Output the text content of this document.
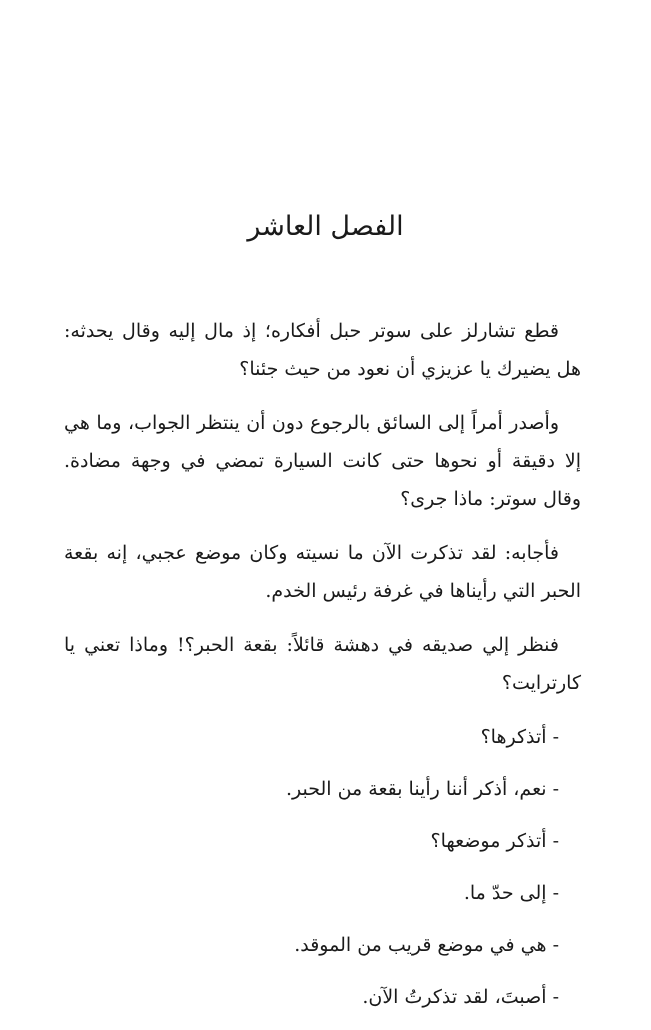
الفصل العاشر

قطع تشارلز على سوتر حبل أفكاره؛ إذ مال إليه وقال يحدثه: هل يضيرك يا عزيزي أن نعود من حيث جئنا؟

وأصدر أمراً إلى السائق بالرجوع دون أن ينتظر الجواب، وما هي إلا دقيقة أو نحوها حتى كانت السيارة تمضي في وجهة مضادة. وقال سوتر: ماذا جرى؟

فأجابه: لقد تذكرت الآن ما نسيته وكان موضع عجبي، إنه بقعة الحبر التي رأيناها في غرفة رئيس الخدم.

فنظر إلي صديقه في دهشة قائلاً: بقعة الحبر؟! وماذا تعني يا كارترايت؟

- أتذكرها؟

- نعم، أذكر أننا رأينا بقعة من الحبر.

- أتذكر موضعها؟

- إلى حدّ ما.

- هي في موضع قريب من الموقد.

- أصبتَ، لقد تذكرتُ الآن.
